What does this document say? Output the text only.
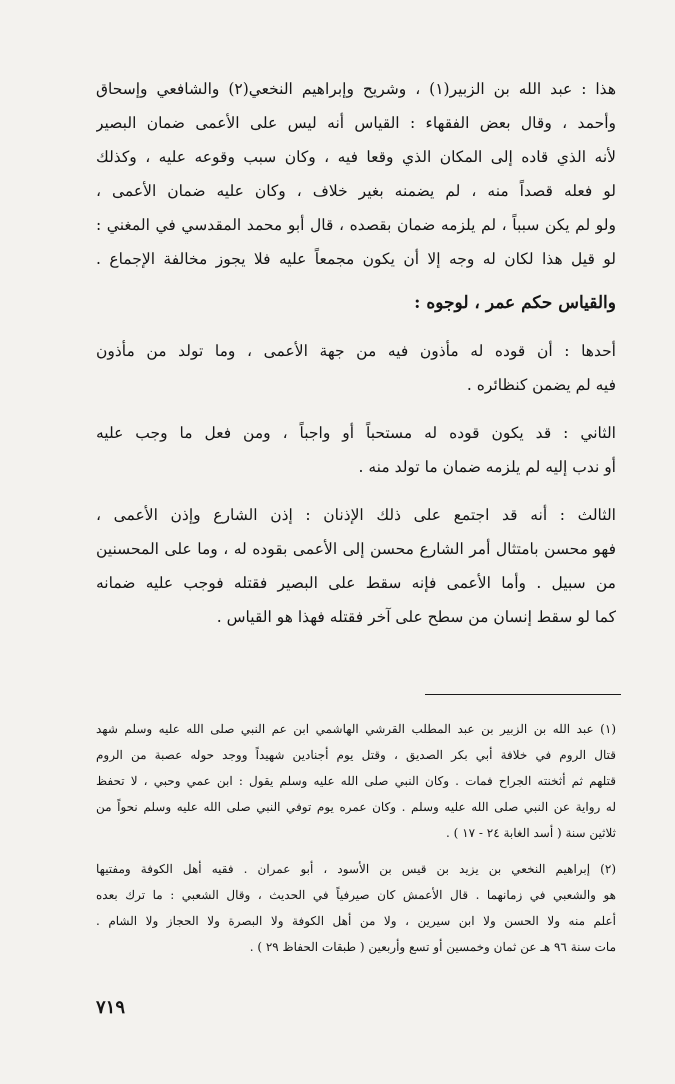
هذا : عبد الله بن الزبير(١) ، وشريح وإبراهيم النخعي(٢) والشافعي وإسحاق
وأحمد ، وقال بعض الفقهاء : القياس أنه ليس على الأعمى ضمان البصير
لأنه الذي قاده إلى المكان الذي وقعا فيه ، وكان سبب وقوعه عليه ، وكذلك
لو فعله قصداً منه ، لم يضمنه بغير خلاف ، وكان عليه ضمان الأعمى ،
ولو لم يكن سبباً ، لم يلزمه ضمان بقصده ، قال أبو محمد المقدسي في المغني :
لو قيل هذا لكان له وجه إلا أن يكون مجمعاً عليه فلا يجوز مخالفة الإجماع .
والقياس حكم عمر ، لوجوه :
أحدها : أن قوده له مأذون فيه من جهة الأعمى ، وما تولد من مأذون
فيه لم يضمن كنظائره .
الثاني : قد يكون قوده له مستحباً أو واجباً ، ومن فعل ما وجب عليه
أو ندب إليه لم يلزمه ضمان ما تولد منه .
الثالث : أنه قد اجتمع على ذلك الإذنان : إذن الشارع وإذن الأعمى ،
فهو محسن بامتثال أمر الشارع محسن إلى الأعمى بقوده له ، وما على المحسنين
من سبيل . وأما الأعمى فإنه سقط على البصير فقتله فوجب عليه ضمانه
كما لو سقط إنسان من سطح على آخر فقتله فهذا هو القياس .
(١) عبد الله بن الزبير بن عبد المطلب القرشي الهاشمي ابن عم النبي صلى الله عليه وسلم شهد
قتال الروم في خلافة أبي بكر الصديق ، وقتل يوم أجنادين شهيداً ووجد حوله عصبة من الروم
قتلهم ثم أثخنته الجراح فمات . وكان النبي صلى الله عليه وسلم يقول : ابن عمي وحبي ، لا تحفظ
له رواية عن النبي صلى الله عليه وسلم . وكان عمره يوم توفي النبي صلى الله عليه وسلم نحواً من
ثلاثين سنة ( أسد الغابة ٢٤ - ١٧ ) .
(٢) إبراهيم النخعي بن يزيد بن قيس بن الأسود ، أبو عمران . فقيه أهل الكوفة ومفتيها
هو والشعبي في زمانهما . قال الأعمش كان صيرفياً في الحديث ، وقال الشعبي : ما ترك بعده
أعلم منه ولا الحسن ولا ابن سيرين ، ولا من أهل الكوفة ولا البصرة ولا الحجاز ولا الشام .
مات سنة ٩٦ هـ عن ثمان وخمسين أو تسع وأربعين ( طبقات الحفاظ ٢٩ ) .
٧١٩
